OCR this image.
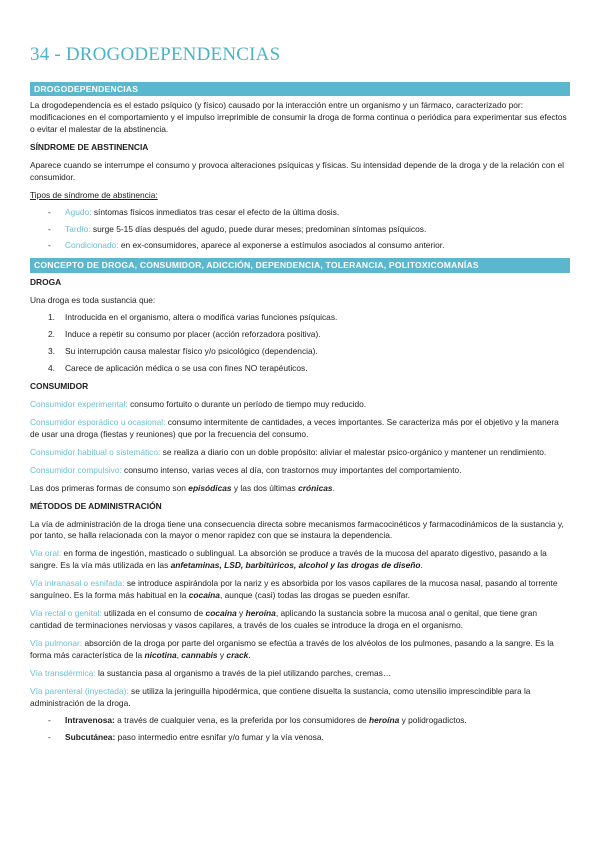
34 - DROGODEPENDENCIAS
DROGODEPENDENCIAS

La drogodependencia es el estado psíquico (y físico) causado por la interacción entre un organismo y un fármaco, caracterizado por: modificaciones en el comportamiento y el impulso irreprimible de consumir la droga de forma continua o periódica para experimentar sus efectos o evitar el malestar de la abstinencia.

SÍNDROME DE ABSTINENCIA

Aparece cuando se interrumpe el consumo y provoca alteraciones psíquicas y físicas. Su intensidad depende de la droga y de la relación con el consumidor.

Tipos de síndrome de abstinencia:
- Agudo: síntomas físicos inmediatos tras cesar el efecto de la última dosis.
- Tardío: surge 5-15 días después del agudo, puede durar meses; predominan síntomas psíquicos.
- Condicionado: en ex-consumidores, aparece al exponerse a estímulos asociados al consumo anterior.
CONCEPTO DE DROGA, CONSUMIDOR, ADICCIÓN, DEPENDENCIA, TOLERANCIA, POLITOXICOMANÍAS
DROGA

Una droga es toda sustancia que:

1. Introducida en el organismo, altera o modifica varias funciones psíquicas.
2. Induce a repetir su consumo por placer (acción reforzadora positiva).
3. Su interrupción causa malestar físico y/o psicológico (dependencia).
4. Carece de aplicación médica o se usa con fines NO terapéuticos.
CONSUMIDOR

Consumidor experimental: consumo fortuito o durante un período de tiempo muy reducido.

Consumidor esporádico u ocasional: consumo intermitente de cantidades, a veces importantes. Se caracteriza más por el objetivo y la manera de usar una droga (fiestas y reuniones) que por la frecuencia del consumo.

Consumidor habitual o sistemático: se realiza a diario con un doble propósito: aliviar el malestar psico-orgánico y mantener un rendimiento.

Consumidor compulsivo: consumo intenso, varias veces al día, con trastornos muy importantes del comportamiento.

Las dos primeras formas de consumo son episódicas y las dos últimas crónicas.

MÉTODOS DE ADMINISTRACIÓN

La vía de administración de la droga tiene una consecuencia directa sobre mecanismos farmacocinéticos y farmacodinámicos de la sustancia y, por tanto, se halla relacionada con la mayor o menor rapidez con que se instaura la dependencia.

Vía oral: en forma de ingestión, masticado o sublingual. La absorción se produce a través de la mucosa del aparato digestivo, pasando a la sangre. Es la vía más utilizada en las anfetaminas, LSD, barbitúricos, alcohol y las drogas de diseño.

Vía intranasal o esnifada: se introduce aspirándola por la nariz y es absorbida por los vasos capilares de la mucosa nasal, pasando al torrente sanguíneo. Es la forma más habitual en la cocaína, aunque (casi) todas las drogas se pueden esnifar.

Vía rectal o genital: utilizada en el consumo de cocaína y heroína, aplicando la sustancia sobre la mucosa anal o genital, que tiene gran cantidad de terminaciones nerviosas y vasos capilares, a través de los cuales se introduce la droga en el organismo.

Vía pulmonar: absorción de la droga por parte del organismo se efectúa a través de los alvéolos de los pulmones, pasando a la sangre. Es la forma más característica de la nicotina, cannabis y crack.

Vía transdérmica: la sustancia pasa al organismo a través de la piel utilizando parches, cremas…

Vía parenteral (inyectada): se utiliza la jeringuilla hipodérmica, que contiene disuelta la sustancia, como utensilio imprescindible para la administración de la droga.

- Intravenosa: a través de cualquier vena, es la preferida por los consumidores de heroína y polidrogadictos.
- Subcutánea: paso intermedio entre esnifar y/o fumar y la vía venosa.
